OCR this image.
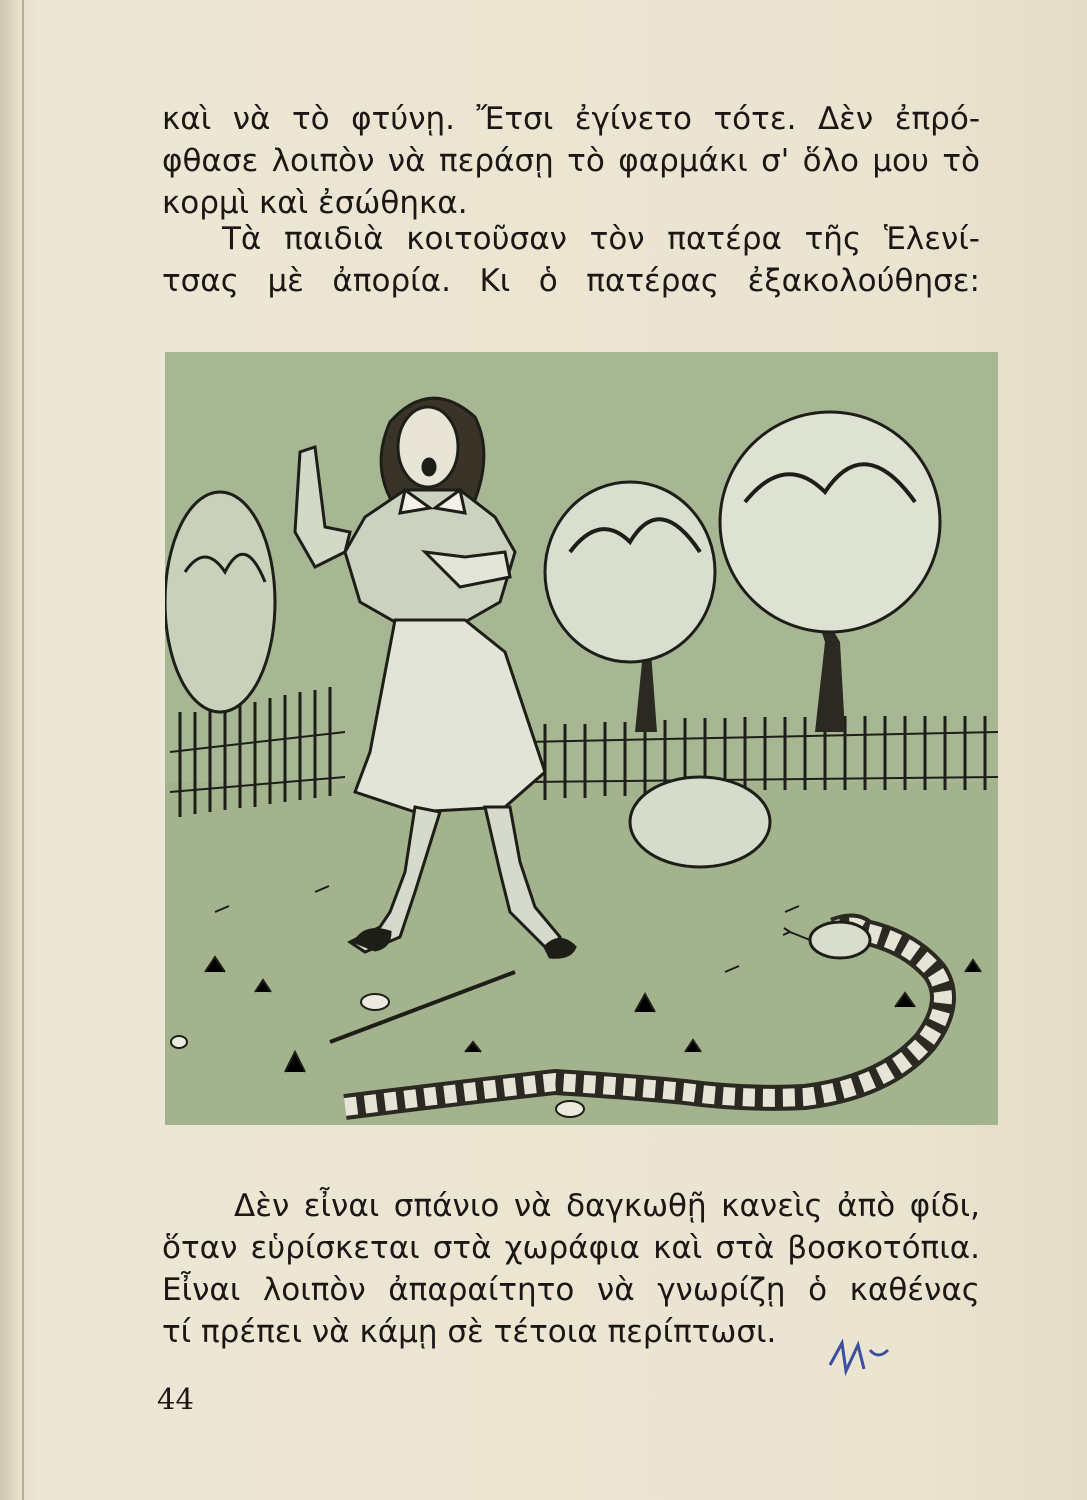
καὶ νὰ τὸ φτύνῃ. Ἔτσι ἐγίνετο τότε. Δὲν ἐπρό-
φθασε λοιπὸν νὰ περάσῃ τὸ φαρμάκι σ' ὅλο μου τὸ
κορμὶ καὶ ἐσώθηκα.
Τὰ παιδιὰ κοιτοῦσαν τὸν πατέρα τῆς Ἑλενί-
τσας μὲ ἀπορία. Κι ὁ πατέρας ἐξακολούθησε:
Δὲν εἶναι σπάνιο νὰ δαγκωθῇ κανεὶς ἀπὸ φίδι,
ὅταν εὑρίσκεται στὰ χωράφια καὶ στὰ βοσκοτόπια.
Εἶναι λοιπὸν ἀπαραίτητο νὰ γνωρίζῃ ὁ καθένας
τί πρέπει νὰ κάμῃ σὲ τέτοια περίπτωσι.
44
